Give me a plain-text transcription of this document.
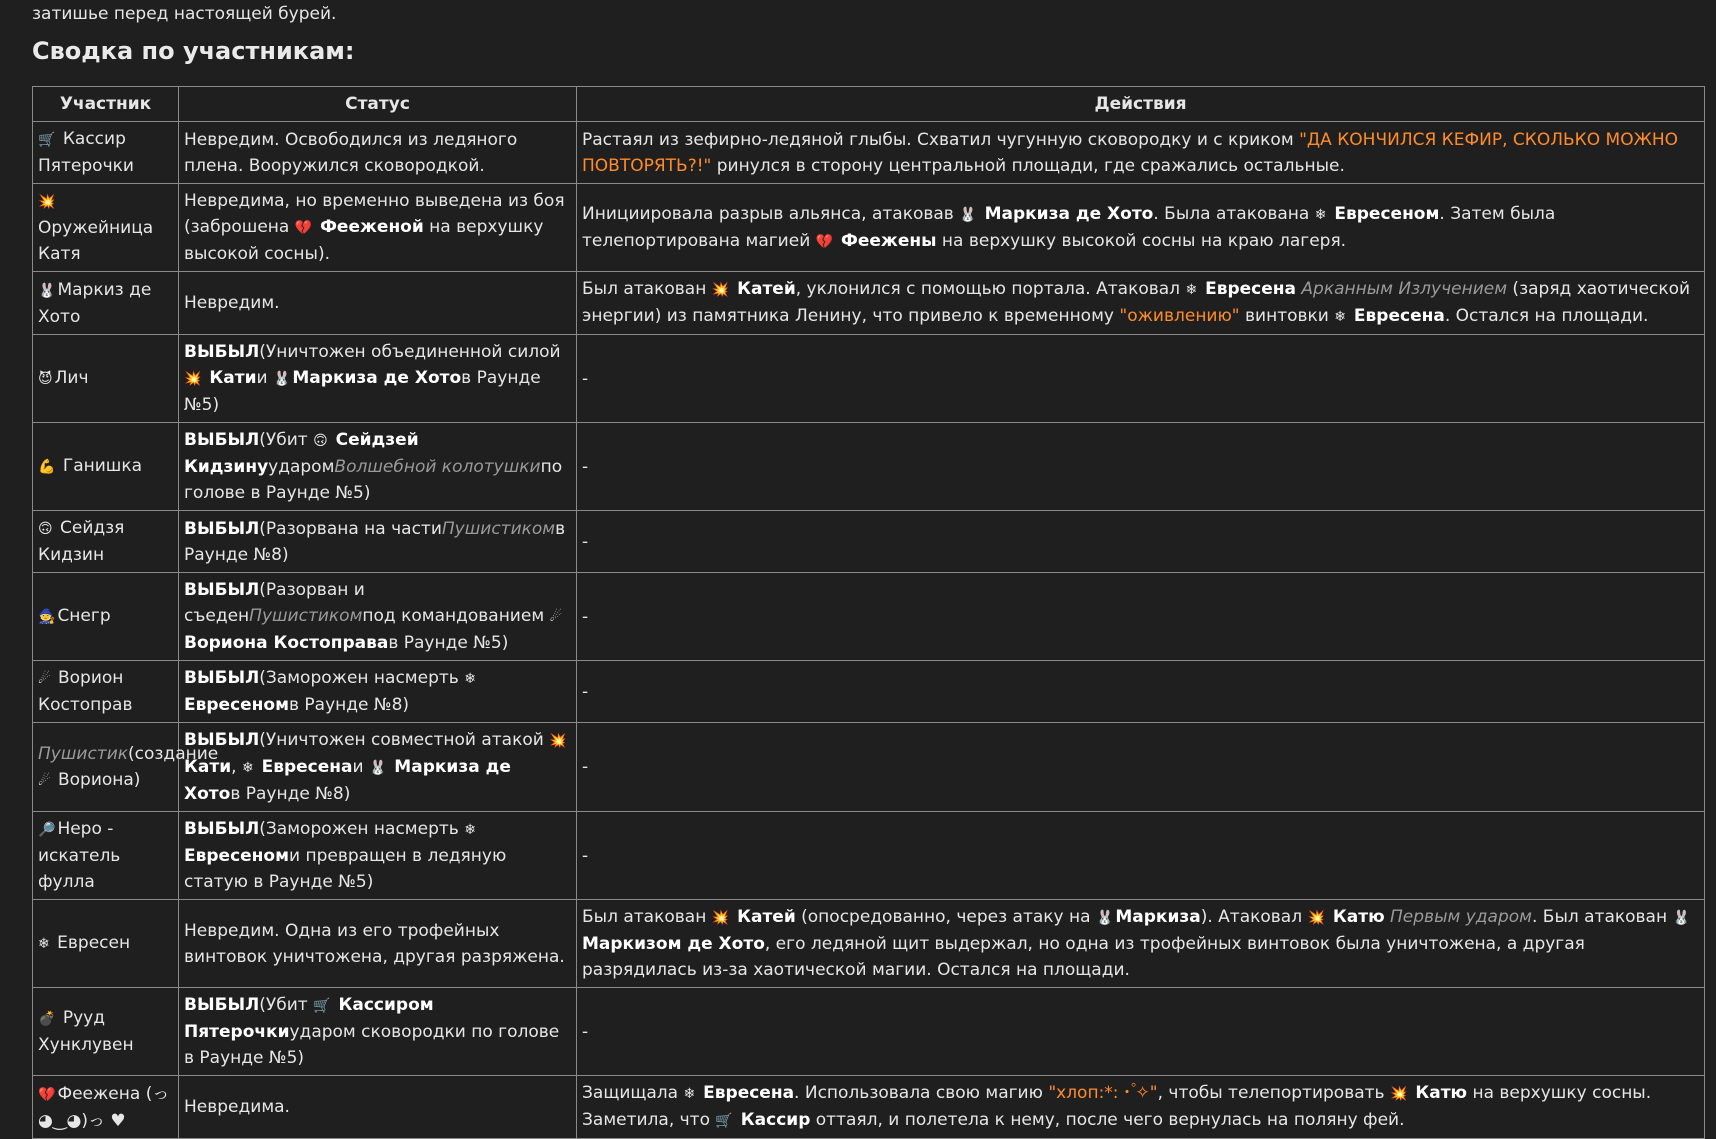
затишье перед настоящей бурей.

Сводка по участникам:
Участник	Статус	Действия
🛒 Кассир Пятерочки	Невредим. Освободился из ледяного плена. Вооружился сковородкой.	Растаял из зефирно-ледяной глыбы. Схватил чугунную сковородку и с криком "ДА КОНЧИЛСЯ КЕФИР, СКОЛЬКО МОЖНО ПОВТОРЯТЬ?!" ринулся в сторону центральной площади, где сражались остальные.
💥 Оружейница Катя	Невредима, но временно выведена из боя (заброшена 💔 Фееженой на верхушку высокой сосны).	Инициировала разрыв альянса, атаковав 🐰 Маркиза де Хото. Была атакована ❄ Евресеном. Затем была телепортирована магией 💔 Феежены на верхушку высокой сосны на краю лагеря.
🐰 Маркиз де Хото	Невредим.	Был атакован 💥 Катей, уклонился с помощью портала. Атаковал ❄ Евресена Арканным Излучением (заряд хаотической энергии) из памятника Ленину, что привело к временному "оживлению" винтовки ❄ Евресена. Остался на площади.
😈 Лич	ВЫБЫЛ(Уничтожен объединенной силой 💥 Катии 🐰 Маркиза де Хотов Раунде №5)	-
💪 Ганишка	ВЫБЫЛ(Убит 🙃 Сейдзей КидзинуударомВолшебной колотушкипо голове в Раунде №5)	-
🙃 Сейдзя Кидзин	ВЫБЫЛ(Разорвана на частиПушистикомв Раунде №8)	-
🧙 Снегр	ВЫБЫЛ(Разорван и съеденПушистикомпод командованием ☄ Вориона Костоправав Раунде №5)	-
☄ Ворион Костоправ	ВЫБЫЛ(Заморожен насмерть ❄ Евресеномв Раунде №8)	-
Пушистик(создание ☄ Вориона)	ВЫБЫЛ(Уничтожен совместной атакой 💥 Кати, ❄ Евресенаи 🐰 Маркиза де Хотов Раунде №8)	-
🔎 Неро - искатель фулла	ВЫБЫЛ(Заморожен насмерть ❄ Евресеноми превращен в ледяную статую в Раунде №5)	-
❄ Евресен	Невредим. Одна из его трофейных винтовок уничтожена, другая разряжена.	Был атакован 💥 Катей (опосредованно, через атаку на 🐰 Маркиза). Атаковал 💥 Катю Первым ударом. Был атакован 🐰Маркизом де Хото, его ледяной щит выдержал, но одна из трофейных винтовок была уничтожена, а другая разрядилась из-за хаотической магии. Остался на площади.
💣 Рууд Хунклувен	ВЫБЫЛ(Убит 🛒 Кассиром Пятерочкиударом сковородки по голове в Раунде №5)	-
💔 Феежена (っ◕‿◕)っ ♥	Невредима.	Защищала ❄ Евресена. Использовала свою магию "хлоп:*:・゚✧", чтобы телепортировать 💥 Катю на верхушку сосны. Заметила, что 🛒 Кассир оттаял, и полетела к нему, после чего вернулась на поляну фей.
